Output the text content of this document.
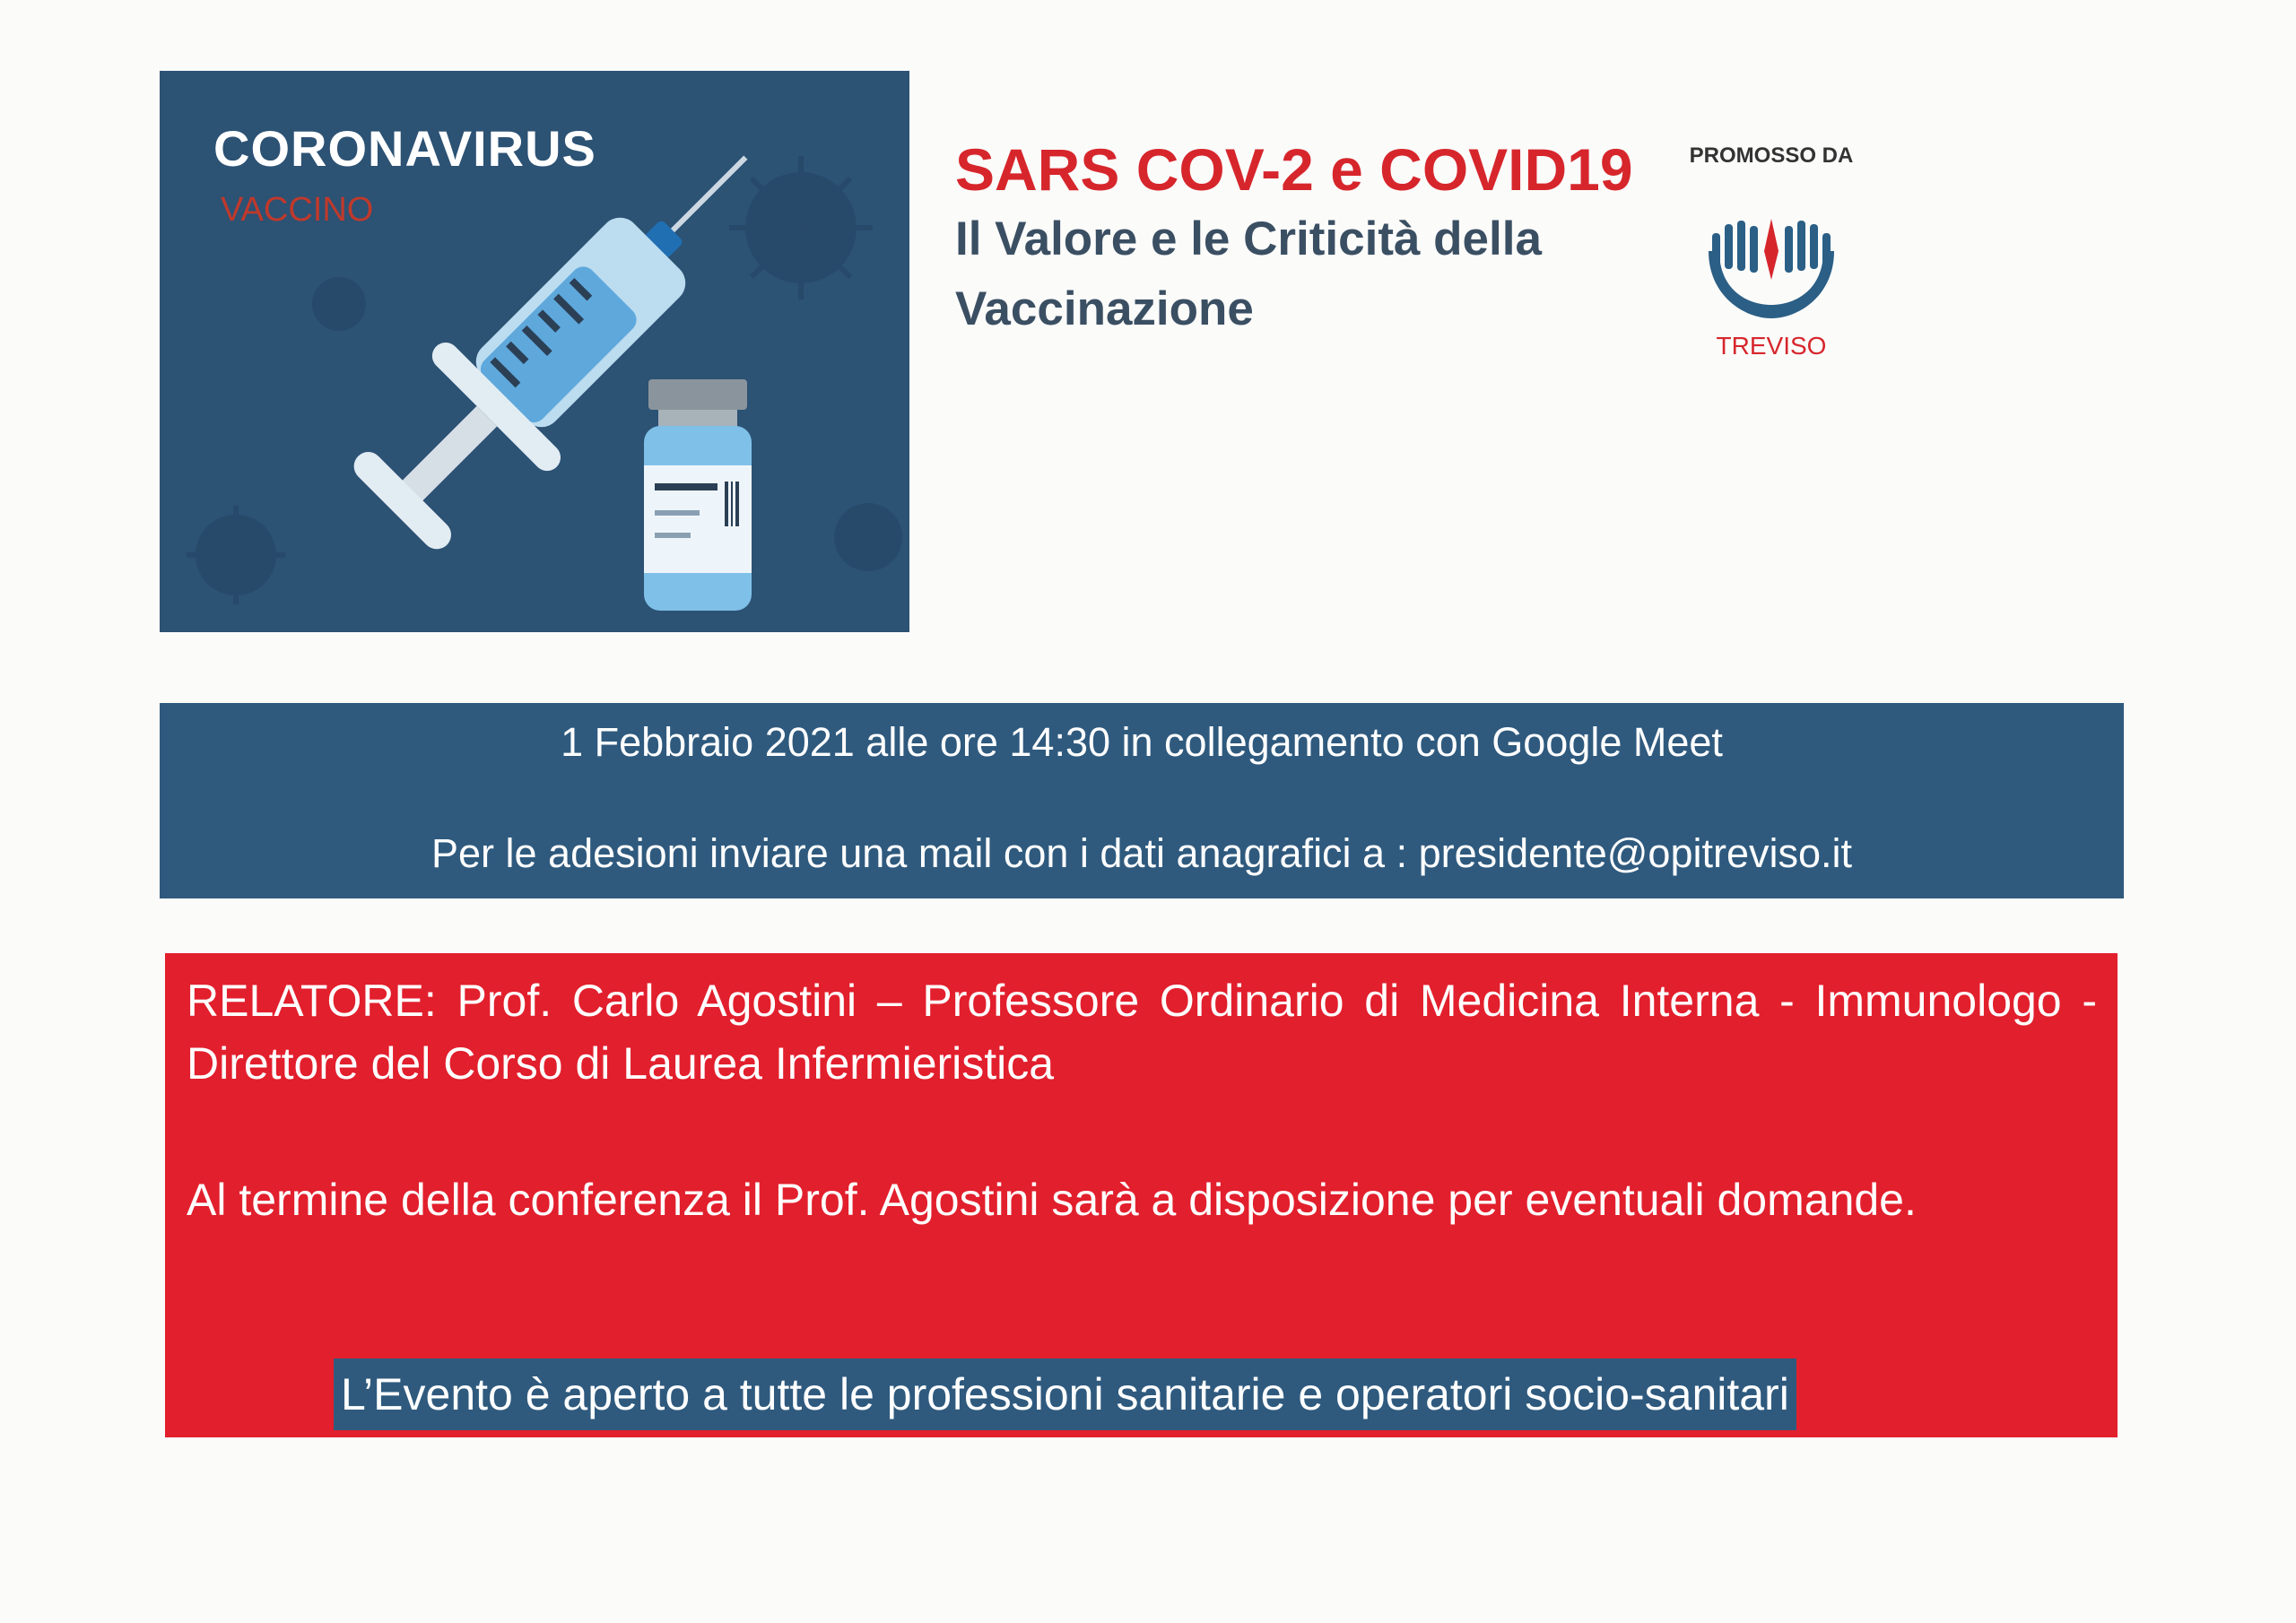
CORONAVIRUS
VACCINO
SARS COV-2 e COVID19
Il Valore e le Criticità della Vaccinazione
PROMOSSO DA
TREVISO
1 Febbraio 2021 alle ore 14:30 in collegamento con Google Meet
Per le adesioni inviare una mail con i dati anagrafici a : presidente@opitreviso.it

RELATORE: Prof. Carlo Agostini – Professore Ordinario di Medicina Interna - Immunologo - Direttore del Corso di Laurea Infermieristica

Al termine della conferenza il Prof. Agostini sarà a disposizione per eventuali domande.

L’Evento è aperto a tutte le professioni sanitarie e operatori socio-sanitari
